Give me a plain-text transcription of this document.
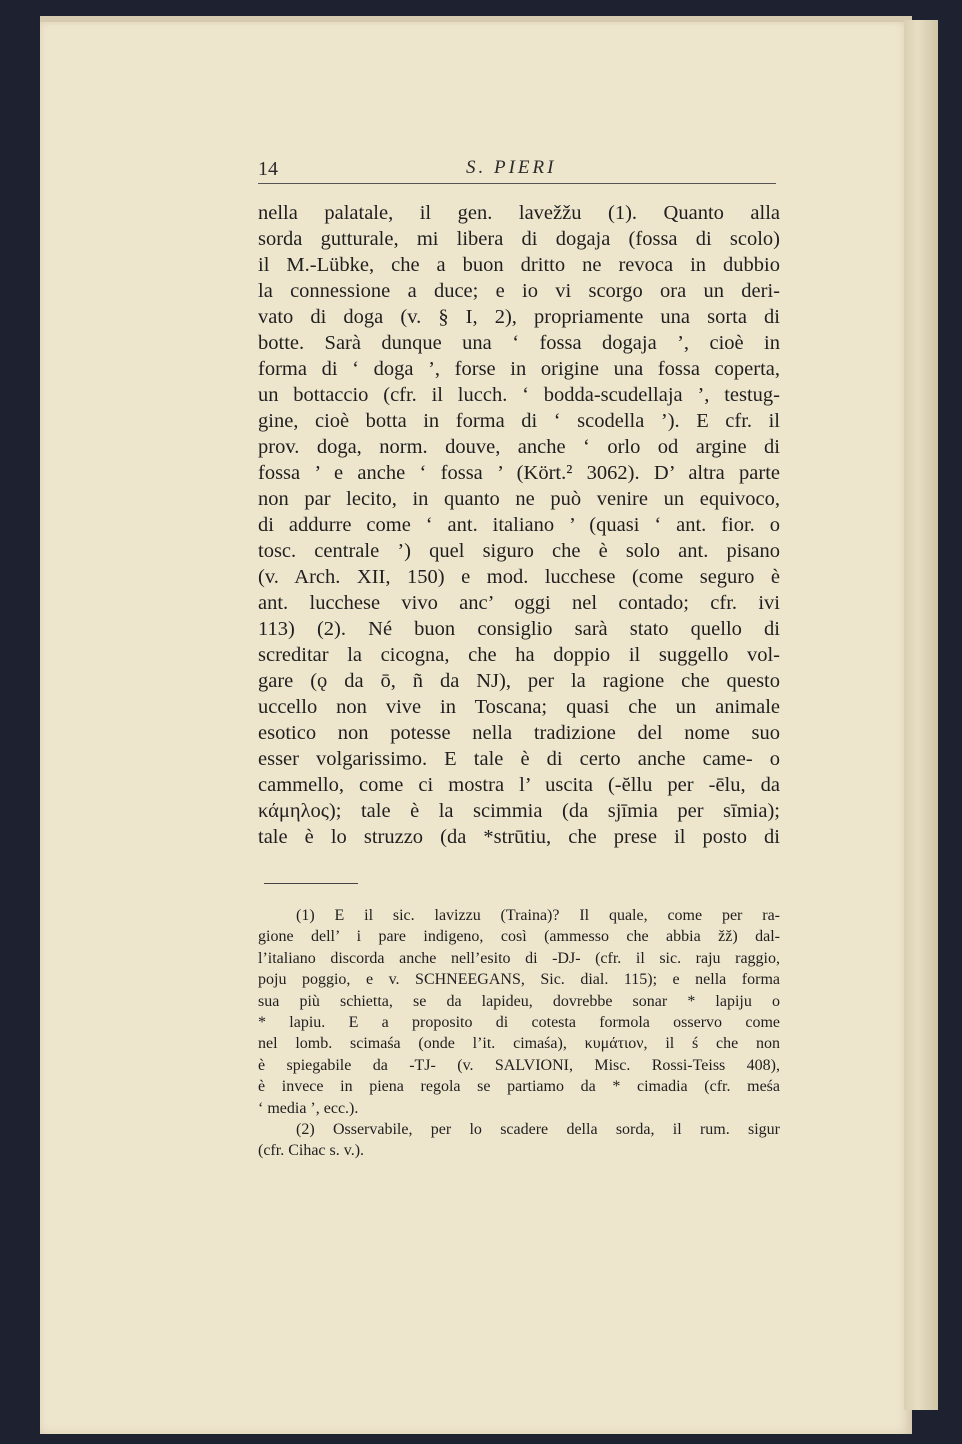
14	S. PIERI
nella palatale, il gen. lavežžu (1). Quanto alla
sorda gutturale, mi libera di dogaja (fossa di scolo)
il M.-Lübke, che a buon dritto ne revoca in dubbio
la connessione a duce; e io vi scorgo ora un deri-
vato di doga (v. § I, 2), propriamente una sorta di
botte. Sarà dunque una ‘ fossa dogaja ’, cioè in
forma di ‘ doga ’, forse in origine una fossa coperta,
un bottaccio (cfr. il lucch. ‘ bodda-scudellaja ’, testug-
gine, cioè botta in forma di ‘ scodella ’). E cfr. il
prov. doga, norm. douve, anche ‘ orlo od argine di
fossa ’ e anche ‘ fossa ’ (Kört.² 3062). D’ altra parte
non par lecito, in quanto ne può venire un equivoco,
di addurre come ‘ ant. italiano ’ (quasi ‘ ant. fior. o
tosc. centrale ’) quel siguro che è solo ant. pisano
(v. Arch. XII, 150) e mod. lucchese (come seguro è
ant. lucchese vivo anc’ oggi nel contado; cfr. ivi
113) (2). Né buon consiglio sarà stato quello di
screditar la cicogna, che ha doppio il suggello vol-
gare (ǫ da ō, ñ da NJ), per la ragione che questo
uccello non vive in Toscana; quasi che un animale
esotico non potesse nella tradizione del nome suo
esser volgarissimo. E tale è di certo anche came- o
cammello, come ci mostra l’ uscita (-ĕllu per -ēlu, da
κάμηλος); tale è la scimmia (da sjīmia per sīmia);
tale è lo struzzo (da *strūtiu, che prese il posto di
(1) E il sic. lavizzu (Traina)? Il quale, come per ra-
gione dell’ i pare indigeno, così (ammesso che abbia žž) dal-
l’italiano discorda anche nell’esito di -DJ- (cfr. il sic. raju raggio,
poju poggio, e v. SCHNEEGANS, Sic. dial. 115); e nella forma
sua più schietta, se da lapideu, dovrebbe sonar * lapiju o
* lapiu. E a proposito di cotesta formola osservo come
nel lomb. scimaśa (onde l’it. cimaśa), κυμάτιον, il ś che non
è spiegabile da -TJ- (v. SALVIONI, Misc. Rossi-Teiss 408),
è invece in piena regola se partiamo da * cimadia (cfr. meśa
‘ media ’, ecc.).
(2) Osservabile, per lo scadere della sorda, il rum. sigur
(cfr. Cihac s. v.).
